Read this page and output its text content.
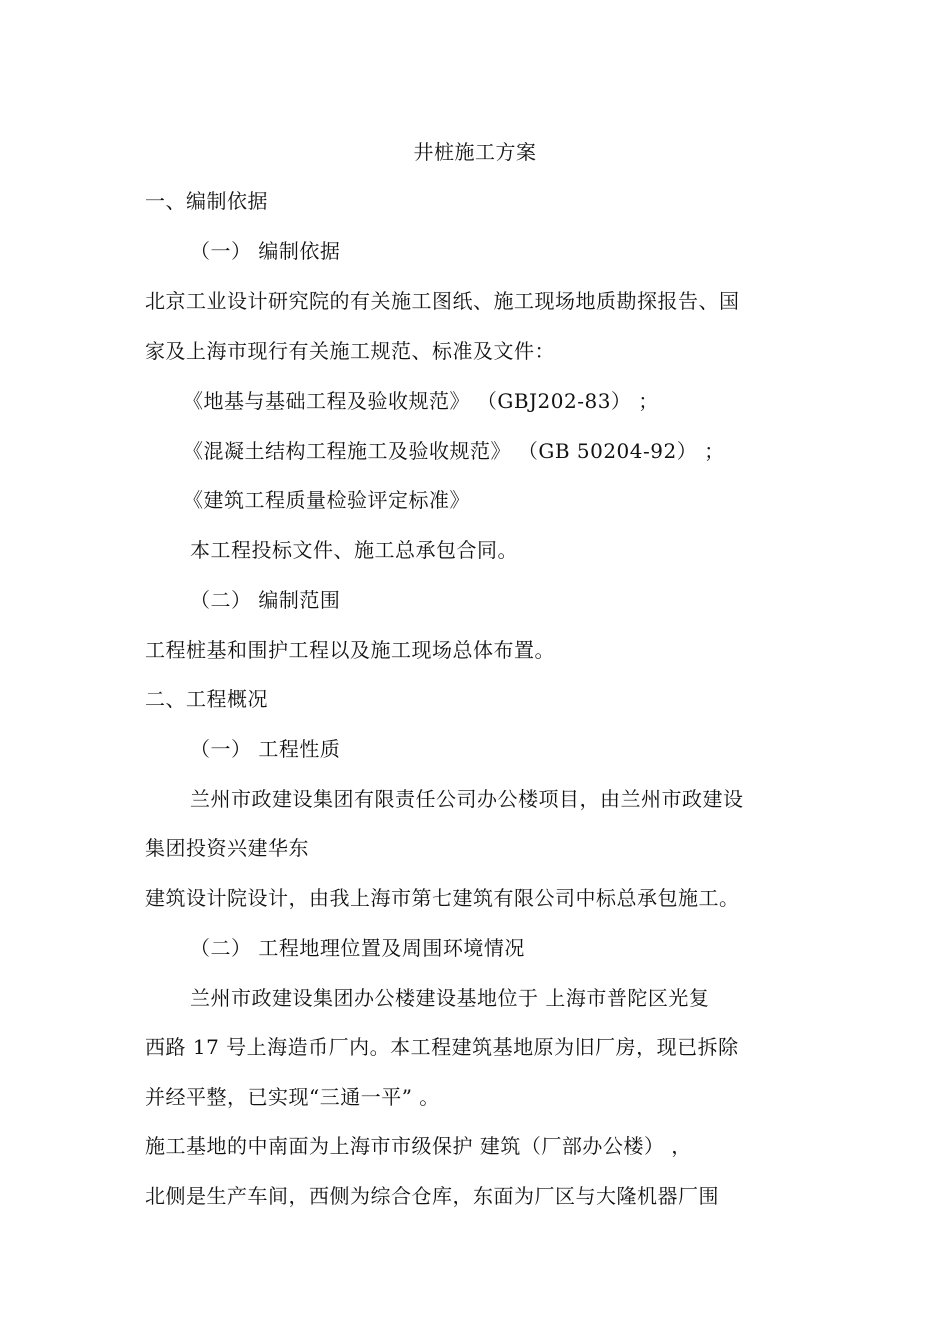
井桩施工方案
一、编制依据
（一） 编制依据
北京工业设计研究院的有关施工图纸、施工现场地质勘探报告、国
家及上海市现行有关施工规范、标准及文件：
《地基与基础工程及验收规范》 （GBJ202-83） ；
《混凝土结构工程施工及验收规范》 （GB 50204-92） ；
《建筑工程质量检验评定标准》
本工程投标文件、施工总承包合同。
（二） 编制范围
工程桩基和围护工程以及施工现场总体布置。
二、工程概况
（一） 工程性质
兰州市政建设集团有限责任公司办公楼项目，由兰州市政建设
集团投资兴建华东
建筑设计院设计，由我上海市第七建筑有限公司中标总承包施工。
（二） 工程地理位置及周围环境情况
兰州市政建设集团办公楼建设基地位于 上海市普陀区光复
西路 17 号上海造币厂内。本工程建筑基地原为旧厂房，现已拆除
并经平整，已实现“三通一平” 。
施工基地的中南面为上海市市级保护 建筑（厂部办公楼） ，
北侧是生产车间，西侧为综合仓库，东面为厂区与大隆机器厂围
